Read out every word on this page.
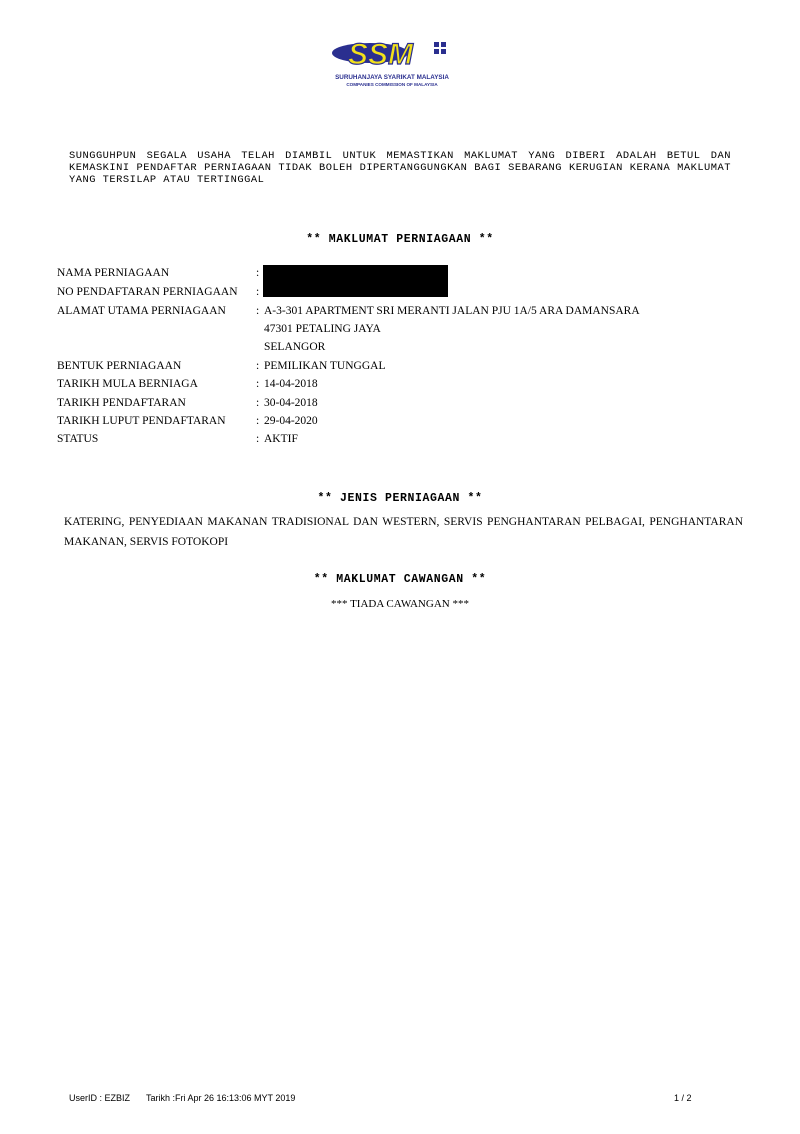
SSM
SURUHANJAYA SYARIKAT MALAYSIA
COMPANIES COMMISSION OF MALAYSIA
SUNGGUHPUN SEGALA USAHA TELAH DIAMBIL UNTUK MEMASTIKAN MAKLUMAT YANG DIBERI ADALAH BETUL DAN KEMASKINI PENDAFTAR PERNIAGAAN TIDAK BOLEH DIPERTANGGUNGKAN BAGI SEBARANG KERUGIAN KERANA MAKLUMAT YANG TERSILAP ATAU TERTINGGAL
** MAKLUMAT PERNIAGAAN **
NAMA PERNIAGAAN	:
NO PENDAFTARAN PERNIAGAAN	:
ALAMAT UTAMA PERNIAGAAN	: A-3-301 APARTMENT SRI MERANTI JALAN PJU 1A/5 ARA DAMANSARA
47301 PETALING JAYA
SELANGOR
BENTUK PERNIAGAAN	: PEMILIKAN TUNGGAL
TARIKH MULA BERNIAGA	: 14-04-2018
TARIKH PENDAFTARAN	: 30-04-2018
TARIKH LUPUT PENDAFTARAN	: 29-04-2020
STATUS	: AKTIF
** JENIS PERNIAGAAN **
KATERING, PENYEDIAAN MAKANAN TRADISIONAL DAN WESTERN, SERVIS PENGHANTARAN PELBAGAI, PENGHANTARAN MAKANAN, SERVIS FOTOKOPI
** MAKLUMAT CAWANGAN **
*** TIADA CAWANGAN ***
UserID : EZBIZ Tarikh :Fri Apr 26 16:13:06 MYT 2019	1 / 2
